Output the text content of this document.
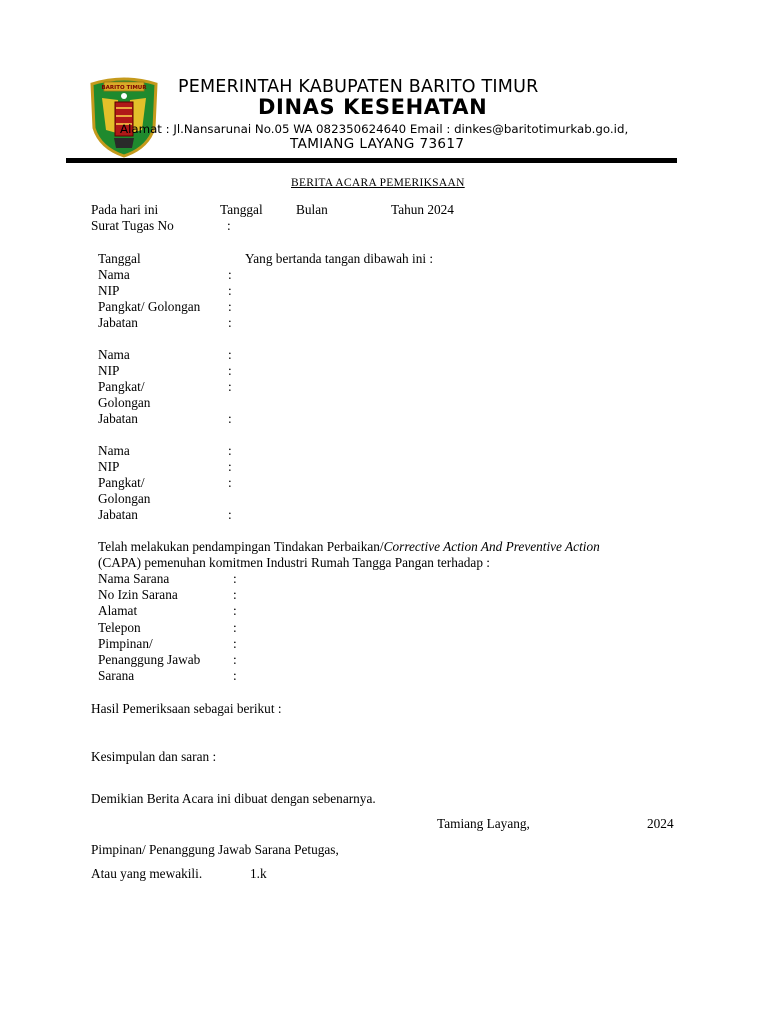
BARITO TIMUR PEMERINTAH KABUPATEN BARITO TIMUR
DINAS KESEHATAN
Alamat : Jl.Nansarunai No.05 WA 082350624640 Email : dinkes@baritotimurkab.go.id,
TAMIANG LAYANG 73617
BERITA ACARA PEMERIKSAAN
Pada hari ini	Tanggal	Bulan	Tahun 2024
Surat Tugas No	:
Tanggal	Yang bertanda tangan dibawah ini :
Nama	:
NIP	:
Pangkat/ Golongan :
Jabatan	:
Nama	:
NIP	:
Pangkat/	:
Golongan
Jabatan	:
Nama	:
NIP	:
Pangkat/	:
Golongan
Jabatan	:
Telah melakukan pendampingan Tindakan Perbaikan/Corrective Action And Preventive Action
(CAPA) pemenuhan komitmen Industri Rumah Tangga Pangan terhadap :
Nama Sarana	:
No Izin Sarana	:
Alamat	:
Telepon	:
Pimpinan/	:
Penanggung Jawab :
Sarana	:
Hasil Pemeriksaan sebagai berikut :
Kesimpulan dan saran :
Demikian Berita Acara ini dibuat dengan sebenarnya.
Tamiang Layang,	2024
Pimpinan/ Penanggung Jawab Sarana Petugas,
Atau yang mewakili.	1.k
